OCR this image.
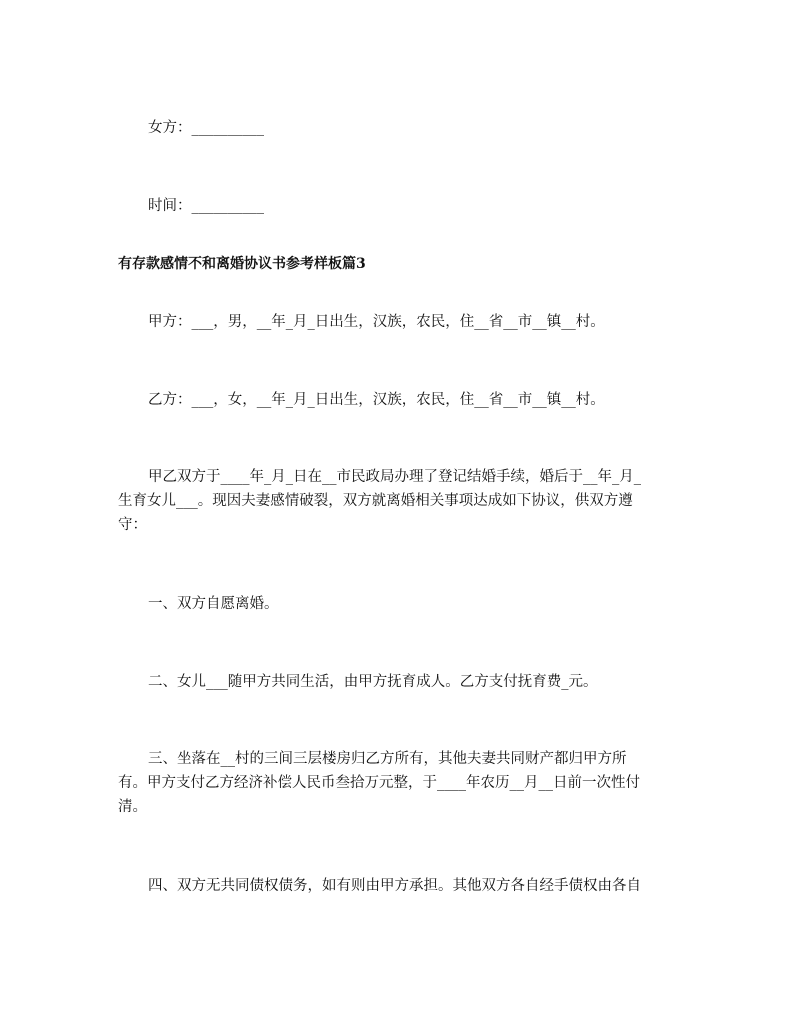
女方：__________

时间：__________

有存款感情不和离婚协议书参考样板篇3

甲方：___，男，__年_月_日出生，汉族，农民，住__省__市__镇__村。

乙方：___，女，__年_月_日出生，汉族，农民，住__省__市__镇__村。

甲乙双方于____年_月_日在__市民政局办理了登记结婚手续，婚后于__年_月_

生育女儿___。现因夫妻感情破裂，双方就离婚相关事项达成如下协议，供双方遵

守：

一、双方自愿离婚。

二、女儿___随甲方共同生活，由甲方抚育成人。乙方支付抚育费_元。

三、坐落在__村的三间三层楼房归乙方所有，其他夫妻共同财产都归甲方所

有。甲方支付乙方经济补偿人民币叁拾万元整，于____年农历__月__日前一次性付

清。

四、双方无共同债权债务，如有则由甲方承担。其他双方各自经手债权由各自
